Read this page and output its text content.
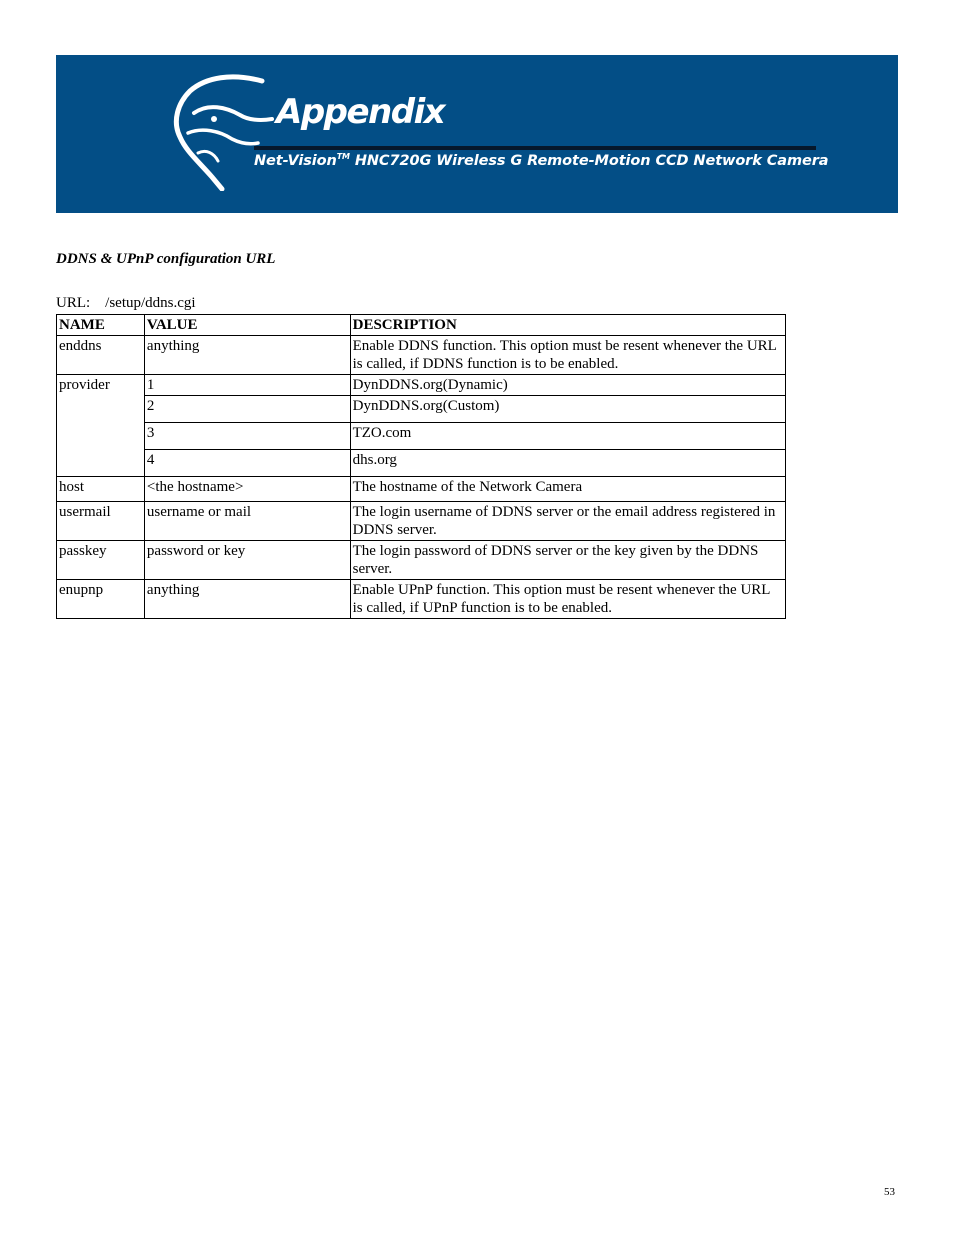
Appendix

Net-Vision™ HNC720G Wireless G Remote-Motion CCD Network Camera

DDNS & UPnP configuration URL

URL: /setup/ddns.cgi

NAME	VALUE	DESCRIPTION
enddns	anything	Enable DDNS function. This option must be resent whenever the URL is called, if DDNS function is to be enabled.
provider	1	DynDDNS.org(Dynamic)
	2	DynDDNS.org(Custom)
	3	TZO.com
	4	dhs.org
host	<the hostname>	The hostname of the Network Camera
usermail	username or mail	The login username of DDNS server or the email address registered in DDNS server.
passkey	password or key	The login password of DDNS server or the key given by the DDNS server.
enupnp	anything	Enable UPnP function. This option must be resent whenever the URL is called, if UPnP function is to be enabled.

53
